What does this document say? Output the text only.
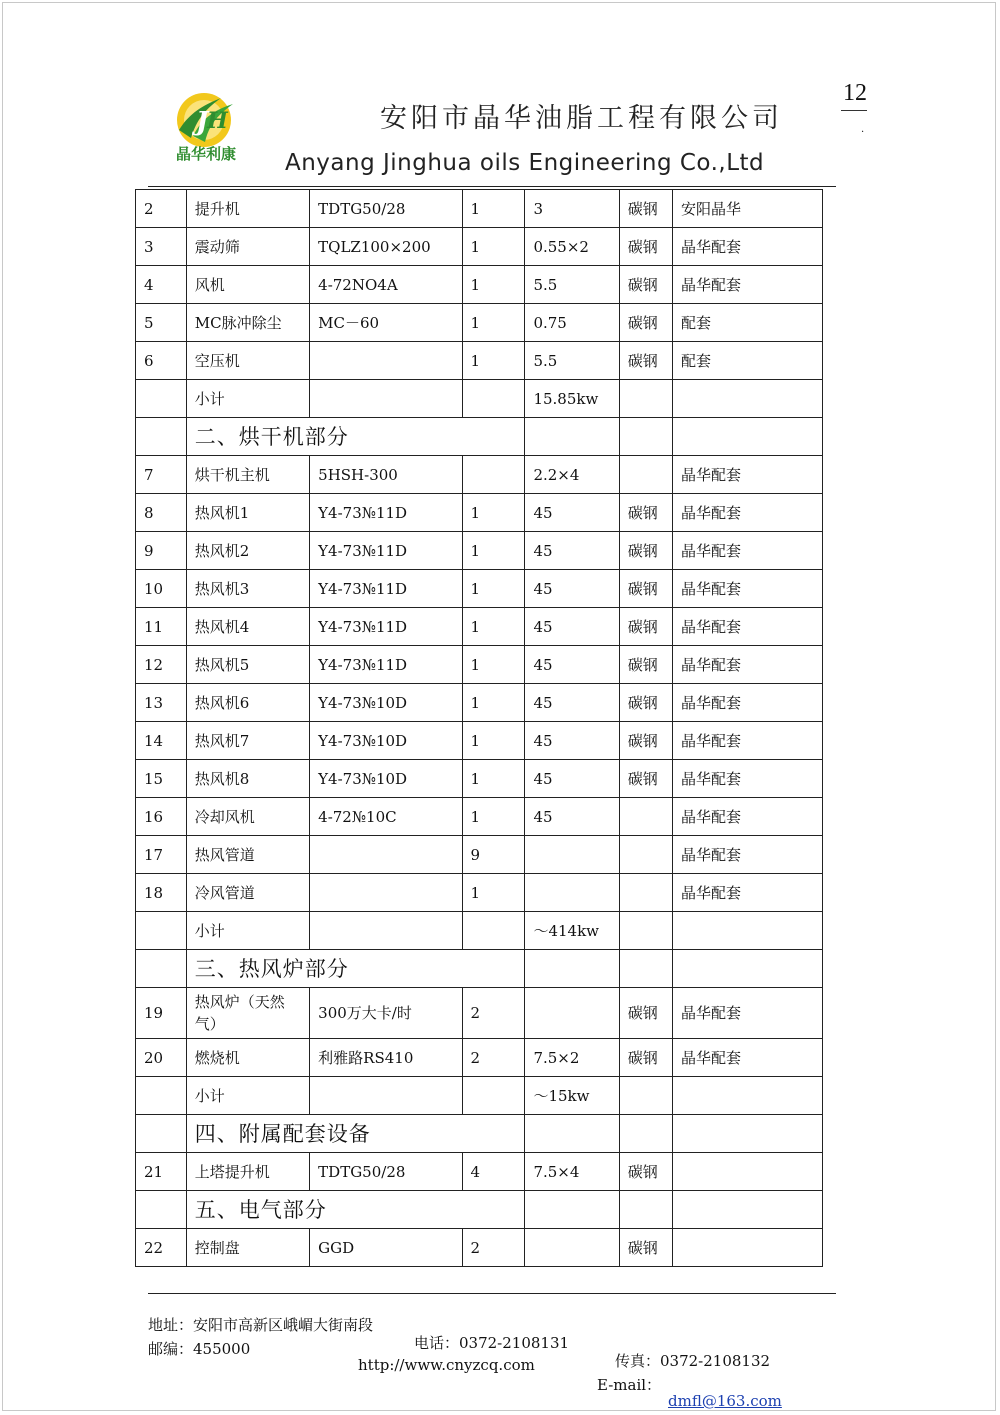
12
.
J
H
晶华利康
安阳市晶华油脂工程有限公司
Anyang Jinghua oils Engineering Co.,Ltd
2	提升机	TDTG50/28	1	3	碳钢	安阳晶华
3	震动筛	TQLZ100×200	1	0.55×2	碳钢	晶华配套
4	风机	4-72NO4A	1	5.5	碳钢	晶华配套
5	MC脉冲除尘	MC－60	1	0.75	碳钢	配套
6	空压机		1	5.5	碳钢	配套
	小计			15.85kw		
	二、烘干机部分					
7	烘干机主机	5HSH-300		2.2×4		晶华配套
8	热风机1	Y4-73№11D	1	45	碳钢	晶华配套
9	热风机2	Y4-73№11D	1	45	碳钢	晶华配套
10	热风机3	Y4-73№11D	1	45	碳钢	晶华配套
11	热风机4	Y4-73№11D	1	45	碳钢	晶华配套
12	热风机5	Y4-73№11D	1	45	碳钢	晶华配套
13	热风机6	Y4-73№10D	1	45	碳钢	晶华配套
14	热风机7	Y4-73№10D	1	45	碳钢	晶华配套
15	热风机8	Y4-73№10D	1	45	碳钢	晶华配套
16	冷却风机	4-72№10C	1	45		晶华配套
17	热风管道		9			晶华配套
18	冷风管道		1			晶华配套
	小计			～414kw		
	三、热风炉部分					
19	热风炉（天然气）	300万大卡/时	2		碳钢	晶华配套
20	燃烧机	利雅路RS410	2	7.5×2	碳钢	晶华配套
	小计			～15kw		
	四、附属配套设备					
21	上塔提升机	TDTG50/28	4	7.5×4	碳钢	
	五、电气部分					
22	控制盘	GGD	2		碳钢	

地址：安阳市高新区峨嵋大街南段

电话：0372-2108131

传真：0372-2108132

邮编：455000

http://www.cnyzcq.com

E-mail：

dmfl@163.com
